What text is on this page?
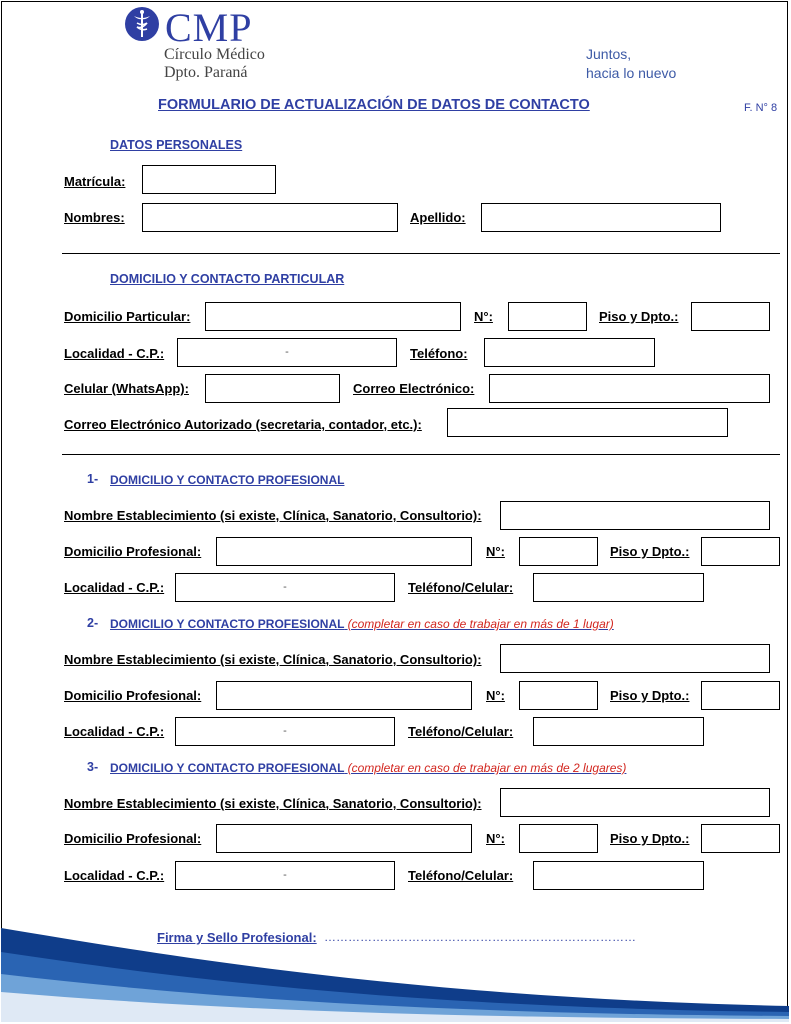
CMP
Círculo Médico
Dpto. Paraná
Juntos,
hacia lo nuevo
FORMULARIO DE ACTUALIZACIÓN DE DATOS DE CONTACTO	F. N° 8
DATOS PERSONALES
Matrícula:
Nombres:	Apellido:
DOMICILIO Y CONTACTO PARTICULAR
Domicilio Particular:	N°:	Piso y Dpto.:
Localidad - C.P.:	-	Teléfono:
Celular (WhatsApp):	Correo Electrónico:
Correo Electrónico Autorizado (secretaria, contador, etc.):
1- DOMICILIO Y CONTACTO PROFESIONAL
Nombre Establecimiento (si existe, Clínica, Sanatorio, Consultorio):
Domicilio Profesional:	N°:	Piso y Dpto.:
Localidad - C.P.:	-	Teléfono/Celular:
2- DOMICILIO Y CONTACTO PROFESIONAL (completar en caso de trabajar en más de 1 lugar)
Nombre Establecimiento (si existe, Clínica, Sanatorio, Consultorio):
Domicilio Profesional:	N°:	Piso y Dpto.:
Localidad - C.P.:	-	Teléfono/Celular:
3- DOMICILIO Y CONTACTO PROFESIONAL (completar en caso de trabajar en más de 2 lugares)
Nombre Establecimiento (si existe, Clínica, Sanatorio, Consultorio):
Domicilio Profesional:	N°:	Piso y Dpto.:
Localidad - C.P.:	-	Teléfono/Celular:
Firma y Sello Profesional: ……………………………………………………………………
